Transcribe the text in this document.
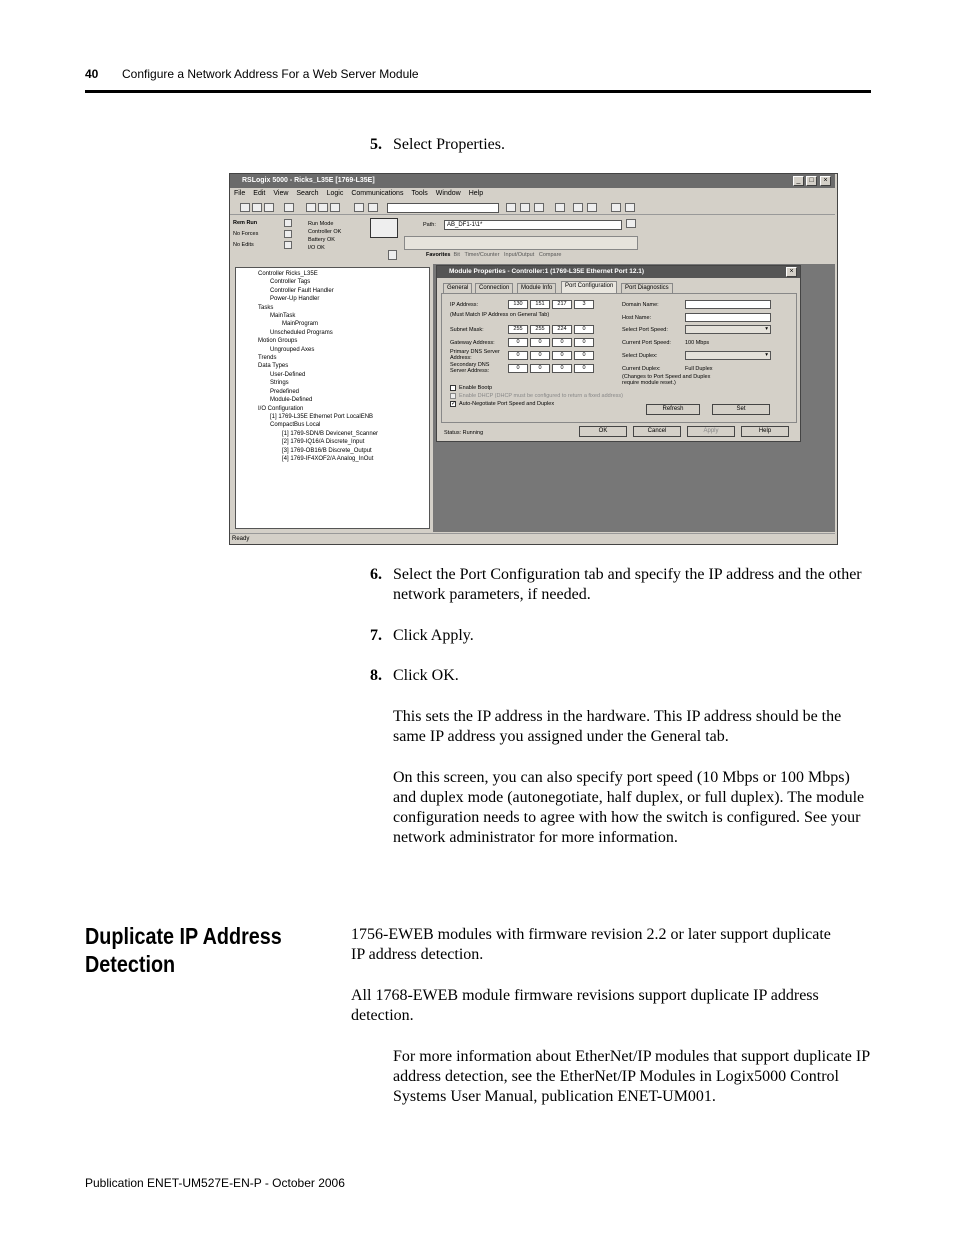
40 Configure a Network Address For a Web Server Module
5. Select Properties.
RSLogix 5000 - Ricks_L35E [1769-L35E]	_	□	×
File Edit View Search Logic Communications Tools Window Help
Rem Run
No Forces
No Edits
Run Mode
Controller OK
Battery OK
I/O OK
Path:	AB_DF1-1\1*
Favorites Bit Timer/Counter Input/Output Compare
Controller Ricks_L35E
Controller Tags
Controller Fault Handler
Power-Up Handler
Tasks
MainTask
MainProgram
Unscheduled Programs
Motion Groups
Ungrouped Axes
Trends
Data Types
User-Defined
Strings
Predefined
Module-Defined
I/O Configuration
[1] 1769-L35E Ethernet Port LocalENB
CompactBus Local
[1] 1769-SDN/B Devicenet_Scanner
[2] 1769-IQ16/A Discrete_Input
[3] 1769-OB16/B Discrete_Output
[4] 1769-IF4XOF2/A Analog_InOut
Module Properties - Controller:1 (1769-L35E Ethernet Port 12.1)	×
General	Connection	Module Info	Port Configuration	Port Diagnostics
IP Address:	130	151	217	3
(Must Match IP Address on General Tab)
Subnet Mask:	255	255	224	0
Gateway Address:	0	0	0	0
Primary DNS Server Address:	0	0	0	0
Secondary DNS Server Address:	0	0	0	0
Domain Name:
Host Name:
Select Port Speed:	▾
Current Port Speed:	100 Mbps
Select Duplex:	▾
Current Duplex:	Full Duplex
(Changes to Port Speed and Duplex require module reset.)
Enable Bootp
Enable DHCP (DHCP must be configured to return a fixed address)
✓ Auto-Negotiate Port Speed and Duplex
Refresh	Set
Status: Running	OK	Cancel	Apply	Help
Ready
6. Select the Port Configuration tab and specify the IP address and the other network parameters, if needed.
7. Click Apply.
8. Click OK.
This sets the IP address in the hardware. This IP address should be the same IP address you assigned under the General tab.
On this screen, you can also specify port speed (10 Mbps or 100 Mbps) and duplex mode (autonegotiate, half duplex, or full duplex). The module configuration needs to agree with how the switch is configured. See your network administrator for more information.
Duplicate IP Address Detection
1756-EWEB modules with firmware revision 2.2 or later support duplicate IP address detection.
All 1768-EWEB module firmware revisions support duplicate IP address detection.
For more information about EtherNet/IP modules that support duplicate IP address detection, see the EtherNet/IP Modules in Logix5000 Control Systems User Manual, publication ENET-UM001.
Publication ENET-UM527E-EN-P - October 2006
